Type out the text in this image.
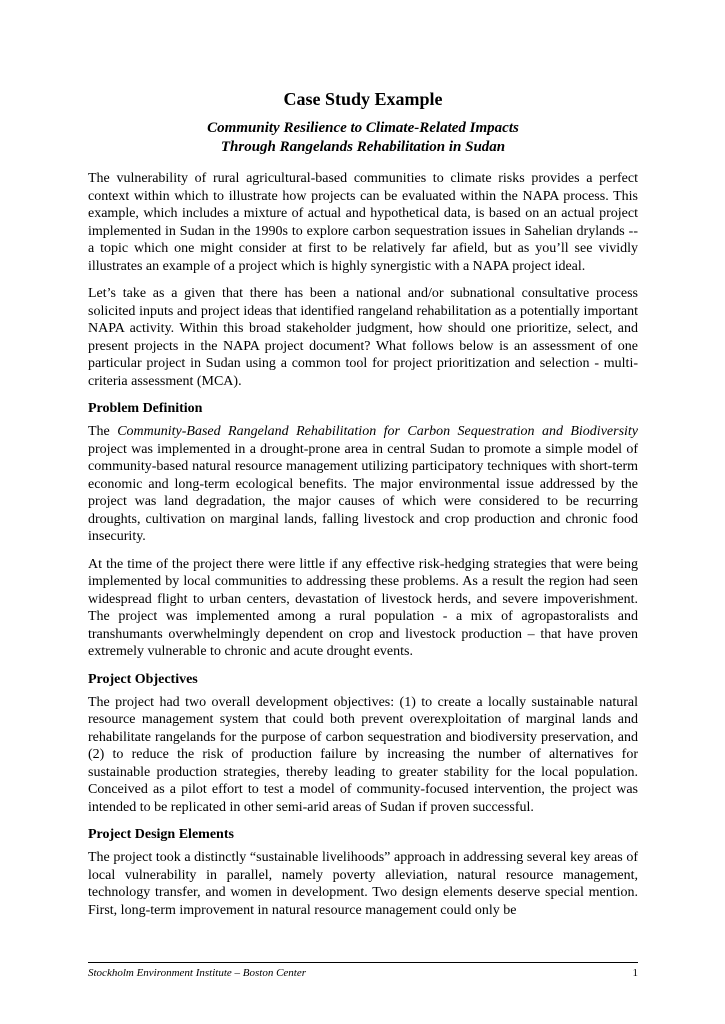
Case Study Example
Community Resilience to Climate-Related Impacts
Through Rangelands Rehabilitation in Sudan

The vulnerability of rural agricultural-based communities to climate risks provides a perfect context within which to illustrate how projects can be evaluated within the NAPA process. This example, which includes a mixture of actual and hypothetical data, is based on an actual project implemented in Sudan in the 1990s to explore carbon sequestration issues in Sahelian drylands -- a topic which one might consider at first to be relatively far afield, but as you’ll see vividly illustrates an example of a project which is highly synergistic with a NAPA project ideal.

Let’s take as a given that there has been a national and/or subnational consultative process solicited inputs and project ideas that identified rangeland rehabilitation as a potentially important NAPA activity. Within this broad stakeholder judgment, how should one prioritize, select, and present projects in the NAPA project document? What follows below is an assessment of one particular project in Sudan using a common tool for project prioritization and selection - multi-criteria assessment (MCA).

Problem Definition

The Community-Based Rangeland Rehabilitation for Carbon Sequestration and Biodiversity project was implemented in a drought-prone area in central Sudan to promote a simple model of community-based natural resource management utilizing participatory techniques with short-term economic and long-term ecological benefits. The major environmental issue addressed by the project was land degradation, the major causes of which were considered to be recurring droughts, cultivation on marginal lands, falling livestock and crop production and chronic food insecurity.

At the time of the project there were little if any effective risk-hedging strategies that were being implemented by local communities to addressing these problems. As a result the region had seen widespread flight to urban centers, devastation of livestock herds, and severe impoverishment. The project was implemented among a rural population - a mix of agropastoralists and transhumants overwhelmingly dependent on crop and livestock production – that have proven extremely vulnerable to chronic and acute drought events.

Project Objectives

The project had two overall development objectives: (1) to create a locally sustainable natural resource management system that could both prevent overexploitation of marginal lands and rehabilitate rangelands for the purpose of carbon sequestration and biodiversity preservation, and (2) to reduce the risk of production failure by increasing the number of alternatives for sustainable production strategies, thereby leading to greater stability for the local population. Conceived as a pilot effort to test a model of community-focused intervention, the project was intended to be replicated in other semi-arid areas of Sudan if proven successful.

Project Design Elements

The project took a distinctly “sustainable livelihoods” approach in addressing several key areas of local vulnerability in parallel, namely poverty alleviation, natural resource management, technology transfer, and women in development. Two design elements deserve special mention. First, long-term improvement in natural resource management could only be

Stockholm Environment Institute – Boston Center	1
